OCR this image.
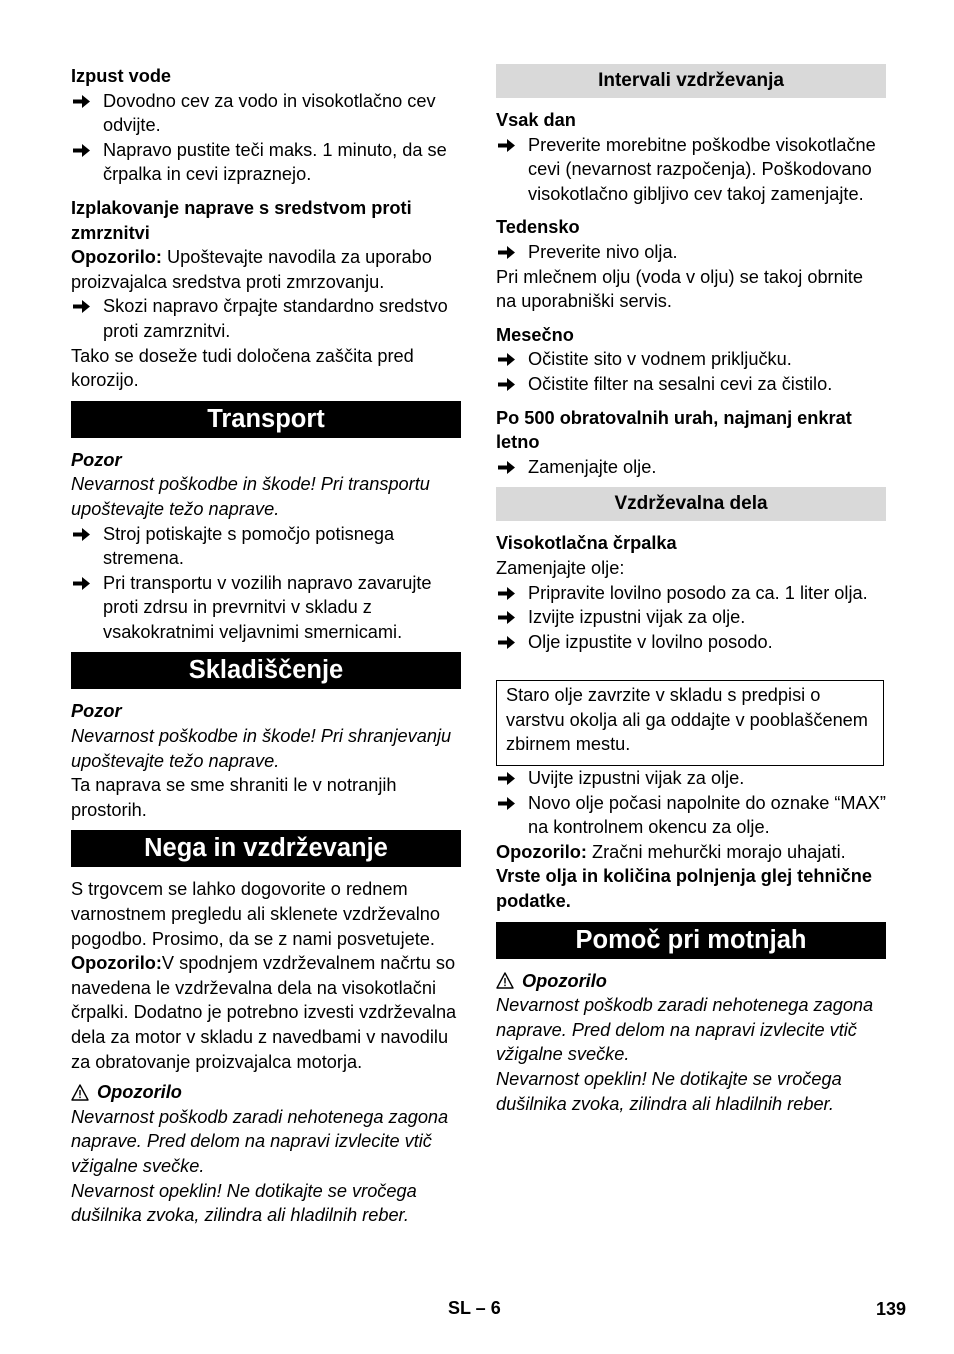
Izpust vode

Dovodno cev za vodo in visokotlačno cev odvijte.

Napravo pustite teči maks. 1 minuto, da se črpalka in cevi izpraznejo.

Izplakovanje naprave s sredstvom proti zmrznitvi

Opozorilo: Upoštevajte navodila za uporabo proizvajalca sredstva proti zmrzovanju.

Skozi napravo črpajte standardno sredstvo proti zamrznitvi.

Tako se doseže tudi določena zaščita pred korozijo.

Transport

Pozor

Nevarnost poškodbe in škode! Pri transportu upoštevajte težo naprave.

Stroj potiskajte s pomočjo potisnega stremena.

Pri transportu v vozilih napravo zavarujte proti zdrsu in prevrnitvi v skladu z vsakokratnimi veljavnimi smernicami.

Skladiščenje

Pozor

Nevarnost poškodbe in škode! Pri shranjevanju upoštevajte težo naprave.

Ta naprava se sme shraniti le v notranjih prostorih.

Nega in vzdrževanje

S trgovcem se lahko dogovorite o rednem varnostnem pregledu ali sklenete vzdrževalno pogodbo. Prosimo, da se z nami posvetujete.

Opozorilo:V spodnjem vzdrževalnem načrtu so navedena le vzdrževalna dela na visokotlačni črpalki. Dodatno je potrebno izvesti vzdrževalna dela za motor v skladu z navedbami v navodilu za obratovanje proizvajalca motorja.

Opozorilo

Nevarnost poškodb zaradi nehotenega zagona naprave. Pred delom na napravi izvlecite vtič vžigalne svečke.

Nevarnost opeklin! Ne dotikajte se vročega dušilnika zvoka, zilindra ali hladilnih reber.

Intervali vzdrževanja

Vsak dan

Preverite morebitne poškodbe visokotlačne cevi (nevarnost razpočenja). Poškodovano visokotlačno gibljivo cev takoj zamenjajte.

Tedensko

Preverite nivo olja.

Pri mlečnem olju (voda v olju) se takoj obrnite na uporabniški servis.

Mesečno

Očistite sito v vodnem priključku.

Očistite filter na sesalni cevi za čistilo.

Po 500 obratovalnih urah, najmanj enkrat letno

Zamenjajte olje.

Vzdrževalna dela

Visokotlačna črpalka

Zamenjajte olje:

Pripravite lovilno posodo za ca. 1 liter olja.

Izvijte izpustni vijak za olje.

Olje izpustite v lovilno posodo.

Staro olje zavrzite v skladu s predpisi o varstvu okolja ali ga oddajte v pooblaščenem zbirnem mestu.

Uvijte izpustni vijak za olje.

Novo olje počasi napolnite do oznake “MAX” na kontrolnem okencu za olje.

Opozorilo: Zračni mehurčki morajo uhajati.

Vrste olja in količina polnjenja glej tehnične podatke.

Pomoč pri motnjah
Opozorilo

Nevarnost poškodb zaradi nehotenega zagona naprave. Pred delom na napravi izvlecite vtič vžigalne svečke.

Nevarnost opeklin! Ne dotikajte se vročega dušilnika zvoka, zilindra ali hladilnih reber.

SL – 6	139
